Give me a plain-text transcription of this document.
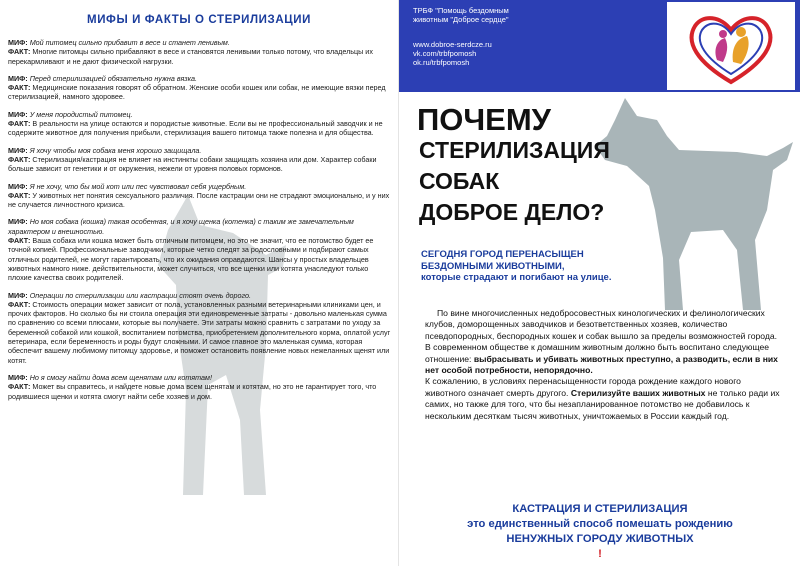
МИФЫ И ФАКТЫ О СТЕРИЛИЗАЦИИ
МИФ: Мой питомец сильно прибавит в весе и станет ленивым.
ФАКТ: Многие питомцы сильно прибавляют в весе и становятся ленивыми только потому, что владельцы их перекармливают и не дают физической нагрузки.
МИФ: Перед стерилизацией обязательно нужна вязка.
ФАКТ: Медицинские показания говорят об обратном. Женские особи кошек или собак, не имеющие вязки перед стерилизацией, намного здоровее.
МИФ: У меня породистый питомец.
ФАКТ: В реальности на улице остаются и породистые животные. Если вы не профессиональный заводчик и не содержите животное для получения прибыли, стерилизация вашего питомца также полезна и для общества.
МИФ: Я хочу чтобы моя собака меня хорошо защищала.
ФАКТ: Стерилизация/кастрация не влияет на инстинкты собаки защищать хозяина или дом. Характер собаки больше зависит от генетики и от окружения, нежели от уровня половых гормонов.
МИФ: Я не хочу, что бы мой кот или пес чувствовал себя ущербным.
ФАКТ: У животных нет понятия сексуального различия. После кастрации они не страдают эмоционально, и у них не случается личностного кризиса.
МИФ: Но моя собака (кошка) такая особенная, и я хочу щенка (котенка) с таким же замечательным характером и внешностью.
ФАКТ: Ваша собака или кошка может быть отличным питомцем, но это не значит, что ее потомство будет ее точной копией. Профессиональные заводчики, которые четко следят за родословными и подбирают самых отличных родителей, не могут гарантировать, что их ожидания оправдаются. Шансы у простых владельцев животных намного ниже. действительности, может случиться, что все щенки или котята унаследуют только плохие качества своих родителей.
МИФ: Операции по стерилизации или кастрации стоят очень дорого.
ФАКТ: Стоимость операции может зависит от пола, установленных разными ветеринарными клиниками цен, и прочих факторов. Но сколько бы ни стоила операция эти единовременные затраты - довольно маленькая сумма по сравнению со всеми плюсами, которые вы получаете. Эти затраты можно сравнить с затратами по уходу за беременной собакой или кошкой, воспитанием потомства, приобретением дополнительного корма, оплатой услуг ветеринара, если беременность и роды будут сложными. И самое главное это маленькая сумма, которая обеспечит вашему любимому питомцу здоровье, и поможет остановить появление новых нежеланных щенят или котят.
МИФ: Но я смогу найти дома всем щенятам или котятам!
ФАКТ: Может вы справитесь, и найдете новые дома всем щенятам и котятам, но это не гарантирует того, что родившиеся щенки и котята смогут найти себе хозяев и дом.
ТРБФ "Помощь бездомным
животным "Доброе сердце"
www.dobroe-serdcze.ru
vk.com/trbfpomosh
ok.ru/trbfpomosh
ПОЧЕМУ
СТЕРИЛИЗАЦИЯ
СОБАК
ДОБРОЕ ДЕЛО?
СЕГОДНЯ ГОРОД ПЕРЕНАСЫЩЕН
БЕЗДОМНЫМИ ЖИВОТНЫМИ,
которые страдают и погибают на улице.

По вине многочисленных недобросовестных кинологических и фелинологических клубов, доморощенных заводчиков и безответственных хозяев, количество псевдопородных, беспородных кошек и собак вышло за пределы возможностей города.

В современном обществе к домашним животным должно быть воспитано следующее отношение: выбрасывать и убивать животных преступно, а разводить, если в них нет особой потребности, непорядочно.

К сожалению, в условиях перенасыщенности города рождение каждого нового животного означает смерть другого. Стерилизуйте ваших животных не только ради их самих, но также для того, что бы незапланированное потомство не добавилось к нескольким десяткам тысяч животных, уничтожаемых в России каждый год.

КАСТРАЦИЯ И СТЕРИЛИЗАЦИЯ
это единственный способ помешать рождению
НЕНУЖНЫХ ГОРОДУ ЖИВОТНЫХ
!
